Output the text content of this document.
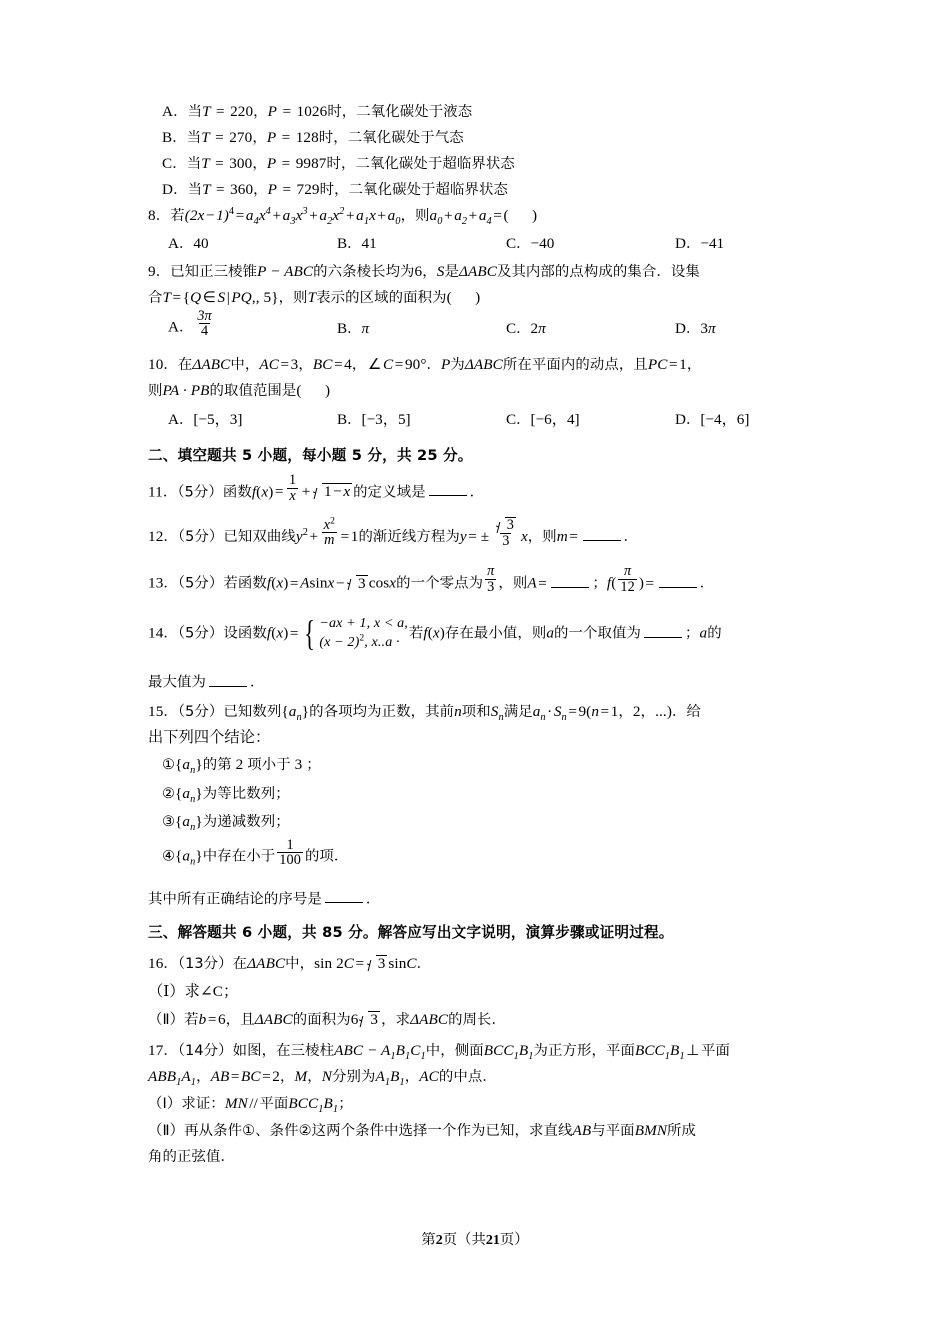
A．当T = 220，P = 1026时，二氧化碳处于液态
B．当T = 270，P = 128时，二氧化碳处于气态
C．当T = 300，P = 9987时，二氧化碳处于超临界状态
D．当T = 360，P = 729时，二氧化碳处于超临界状态
8．若$(2x-1)^4=a_4x^4+a_3x^3+a_2x^2+a_1x+a_0$，则$a_0+a_2+a_4=$( )
A．40	B．41	C．−40	D．−41
9．已知正三棱锥P − ABC的六条棱长均为6，S是ΔABC及其内部的点构成的集合．设集
合T={Q∈S|PQ,, 5}，则T表示的区域的面积为( )
A． $\frac{3\pi}{4}$	B．π	C．2π	D．3π
10．在ΔABC中，AC=3，BC=4，∠C=90°．P为ΔABC所在平面内的动点，且PC=1，
则PA · PB的取值范围是( )
A．[−5，3]	B．[−3，5]	C．[−6，4]	D．[−4，6]
二、填空题共 5 小题，每小题 5 分，共 25 分。
11．（5分）函数$f(x)= \frac{1}{x} + 1-x$ 的定义域是	．
12．（5分）已知双曲线$y^2+ \frac{x^2}{m} =1$的渐近线方程为$y= \pm \frac{3}{3}$ x，则m=	．
13．（5分）若函数f(x)=Asinx− 3 cosx的一个零点为 $\frac{\pi}{3}$ ，则A=	；$f( \frac{\pi}{12}$ )=	．
14．（5分）设函数f(x)= { −ax + 1, x < a,
$(x - 2)^2$, x..a ·
若f(x)存在最小值，则a的一个取值为	；a的
最大值为	．
15．（5分）已知数列$\{a_n\}$的各项均为正数，其前n项和$S_n$满足$a_n\cdot S_n=9(n=1$，2，...)．给
出下列四个结论：
$①\{a_n\}$的第 2 项小于 3 ；
$②\{a_n\}$为等比数列；
$③\{a_n\}$为递减数列；
$④\{a_n\}$中存在小于 $\frac{1}{100}$ 的项．
其中所有正确结论的序号是	．
三、解答题共 6 小题，共 85 分。解答应写出文字说明，演算步骤或证明过程。
16．（13分）在ΔABC中，sin 2C= 3 sinC．
（Ⅰ）求∠C；
（Ⅱ）若b=6，且ΔABC的面积为6 3 ，求ΔABC的周长．
17．（14分）如图，在三棱柱ABC − $A_1B_1C_1$中，侧面$BCC_1B_1$为正方形，平面$BCC_1B_1\perp$ 平面
$ABB_1A_1$，AB=BC=2，M，N分别为$A_1B_1$，AC的中点．
（Ⅰ）求证：MN// 平面$BCC_1B_1$；
（Ⅱ）再从条件①、条件②这两个条件中选择一个作为已知，求直线AB与平面BMN所成
角的正弦值．
第2页（共21页）
